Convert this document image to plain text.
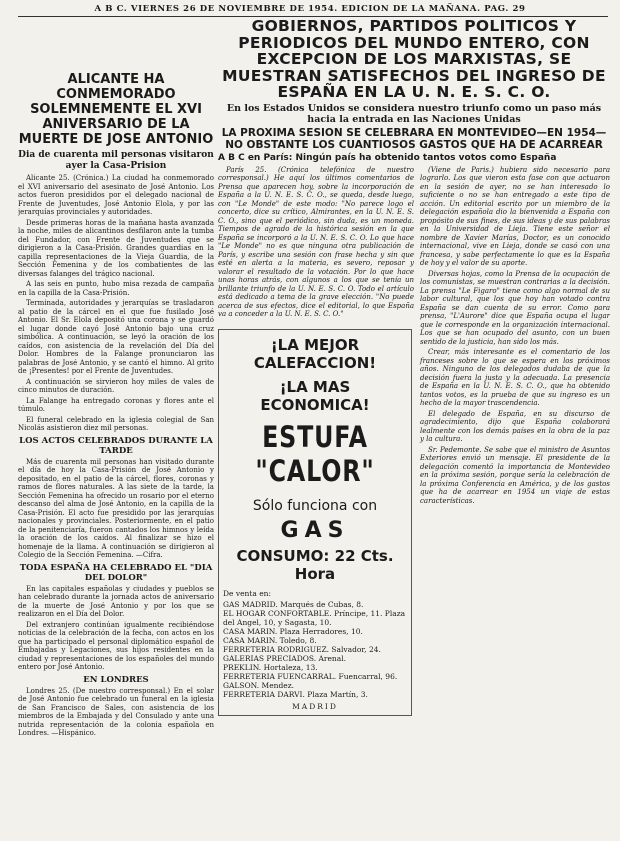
A B C. VIERNES 26 DE NOVIEMBRE DE 1954. EDICION DE LA MAÑANA. PAG. 29
ALICANTE HA CONMEMORADO SOLEMNEMENTE EL XVI ANIVERSARIO DE LA MUERTE DE JOSE ANTONIO
Dia de cuarenta mil personas visitaron ayer la Casa-Prision

Alicante 25. (Crónica.) La ciudad ha conmemorado el XVI aniversario del asesinato de José Antonio. Los actos fueron presididos por el delegado nacional de Frente de Juventudes, José Antonio Elola, y por las jerarquías provinciales y autoridades.

Desde primeras horas de la mañana hasta avanzada la noche, miles de alicantinos desfilaron ante la tumba del Fundador, con Frente de Juventudes que se dirigieron a la Casa-Prisión. Grandes guardias en la capilla representaciones de la Vieja Guardia, de la Sección Femenina y de los combatientes de las diversas falanges del trágico nacional.

A las seis en punto, hubo misa rezada de campaña en la capilla de la Casa-Prisión.

Terminada, autoridades y jerarquías se trasladaron al patio de la cárcel en el que fue fusilado José Antonio. El Sr. Elola depositó una corona y se guardó el lugar donde cayó José Antonio bajo una cruz simbólica. A continuación, se leyó la oración de los caídos, con asistencia de la revelación del Día del Dolor. Hombres de la Falange pronunciaron las palabras de José Antonio, y se cantó el himno. Al grito de ¡Presentes! por el Frente de Juventudes.

A continuación se sirvieron hoy miles de vales de cinco minutos de duración.

La Falange ha entregado coronas y flores ante el túmulo.

El funeral celebrado en la iglesia colegial de San Nicolás asistieron diez mil personas.

LOS ACTOS CELEBRADOS DURANTE LA TARDE

Más de cuarenta mil personas han visitado durante el día de hoy la Casa-Prisión de José Antonio y depositado, en el patio de la cárcel, flores, coronas y ramos de flores naturales. A las siete de la tarde, la Sección Femenina ha ofrecido un rosario por el eterno descanso del alma de José Antonio, en la capilla de la Casa-Prisión. El acto fue presidido por las jerarquías nacionales y provinciales. Posteriormente, en el patio de la penitenciaría, fueron cantados los himnos y leída la oración de los caídos. Al finalizar se hizo el homenaje de la llama. A continuación se dirigieron al Colegio de la Sección Femenina. —Cifra.

TODA ESPAÑA HA CELEBRADO EL "DIA DEL DOLOR"

En las capitales españolas y ciudades y pueblos se han celebrado durante la jornada actos de aniversario de la muerte de José Antonio y por los que se realizaron en el Día del Dolor.

Del extranjero continúan igualmente recibiéndose noticias de la celebración de la fecha, con actos en los que ha participado el personal diplomático español de Embajadas y Legaciones, sus hijos residentes en la ciudad y representaciones de los españoles del mundo entero por José Antonio.

EN LONDRES

Londres 25. (De nuestro corresponsal.) En el solar de José Antonio fue celebrado un funeral en la iglesia de San Francisco de Sales, con asistencia de los miembros de la Embajada y del Consulado y ante una nutrida representación de la colonia española en Londres. —Hispánico.

GOBIERNOS, PARTIDOS POLITICOS Y PERIODICOS DEL MUNDO ENTERO, CON EXCEPCION DE LOS MARXISTAS, SE MUESTRAN SATISFECHOS DEL INGRESO DE ESPAÑA EN LA U. N. E. S. C. O.
En los Estados Unidos se considera nuestro triunfo como un paso más hacia la entrada en las Naciones Unidas
LA PROXIMA SESION SE CELEBRARA EN MONTEVIDEO—EN 1954—NO OBSTANTE LOS CUANTIOSOS GASTOS QUE HA DE ACARREAR
A B C en París: Ningún país ha obtenido tantos votos como España

París 25. (Crónica telefónica de nuestro corresponsal.) He aquí los últimos comentarios de Prensa que aparecen hoy, sobre la incorporación de España a la U. N. E. S. C. O., se queda, desde luego, con "Le Monde" de este modo: "No parece logo el concerto, dice su crítico, Almirantes, en la U. N. E. S. C. O., sino que el periódico, sin duda, es un moneda. Tiempos de agrado de la histórica sesión en la que España se incorporó a la U. N. E. S. C. O. Lo que hace "Le Monde" no es que ninguna otra publicación de París, y escribe una sesión con frase hecha y sin que esté en alerta a la materia, es severo, reposar y valorar el resultado de la votación. Por lo que hace unas horas atrás, con algunos a los que se tenía un brillante triunfo de la U. N. E. S. C. O. Todo el artículo está dedicado a tema de la grave elección. "No puede acerca de sus efectos, dice el editorial, lo que España va a conceder a la U. N. E. S. C. O."

¡LA MEJOR CALEFACCION!
¡LA MAS ECONOMICA!
ESTUFA "CALOR"
Sólo funciona con
GAS
CONSUMO: 22 Cts. Hora
De venta en:

GAS MADRID. Marqués de Cubas, 8.

EL HOGAR CONFORTABLE. Príncipe, 11. Plaza del Angel, 10, y Sagasta, 10.

CASA MARIN. Plaza Herradores, 10.

CASA MARIN. Toledo, 8.

FERRETERIA RODRIGUEZ. Salvador, 24.

GALERIAS PRECIADOS. Arenal.

PREKLIN. Hortaleza, 13.

FERRETERIA FUENCARRAL. Fuencarral, 96.

GALSON. Mendez.

FERRETERIA DARVI. Plaza Martín, 3.

MADRID

(Viene de Paris.) hubiera sido necesario para lograrlo. Los que vieron esta fase con que actuaron en la sesión de ayer, no se han interesado lo suficiente o no se han entregado a este tipo de acción. Un editorial escrito por un miembro de la delegación española dio la bienvenida a España con propósito de sus fines, de sus ideas y de sus palabras en la Universidad de Lieja. Tiene este señor el nombre de Xavier Marías, Doctor, es un conocido internacional, vive en Lieja, donde se casó con una francesa, y sabe perfectamente lo que es la España de hoy y el valor de su aporte.

Diversas hojas, como la Prensa de la ocupación de los comunistas, se muestran contrarias a la decisión. La prensa "Le Figaro" tiene como algo normal de su labor cultural, que los que hoy han votado contra España se dan cuenta de su error. Como para prensa, "L'Aurore" dice que España ocupa el lugar que le corresponde en la organización internacional. Los que se han ocupado del asunto, con un buen sentido de la justicia, han sido los más.

Crear, más interesante es el comentario de los franceses sobre lo que se espera en los próximos años. Ninguno de los delegados dudaba de que la decisión fuera la justa y la adecuada. La presencia de España en la U. N. E. S. C. O., que ha obtenido tantos votos, es la prueba de que su ingreso es un hecho de la mayor trascendencia.

El delegado de España, en su discurso de agradecimiento, dijo que España colaborará lealmente con los demás países en la obra de la paz y la cultura.

Sr. Pedemonte. Se sabe que el ministro de Asuntos Exteriores envió un mensaje. El presidente de la delegación comentó la importancia de Montevideo en la próxima sesión, porque sería la celebración de la próxima Conferencia en América, y de los gastos que ha de acarrear en 1954 un viaje de estas características.
